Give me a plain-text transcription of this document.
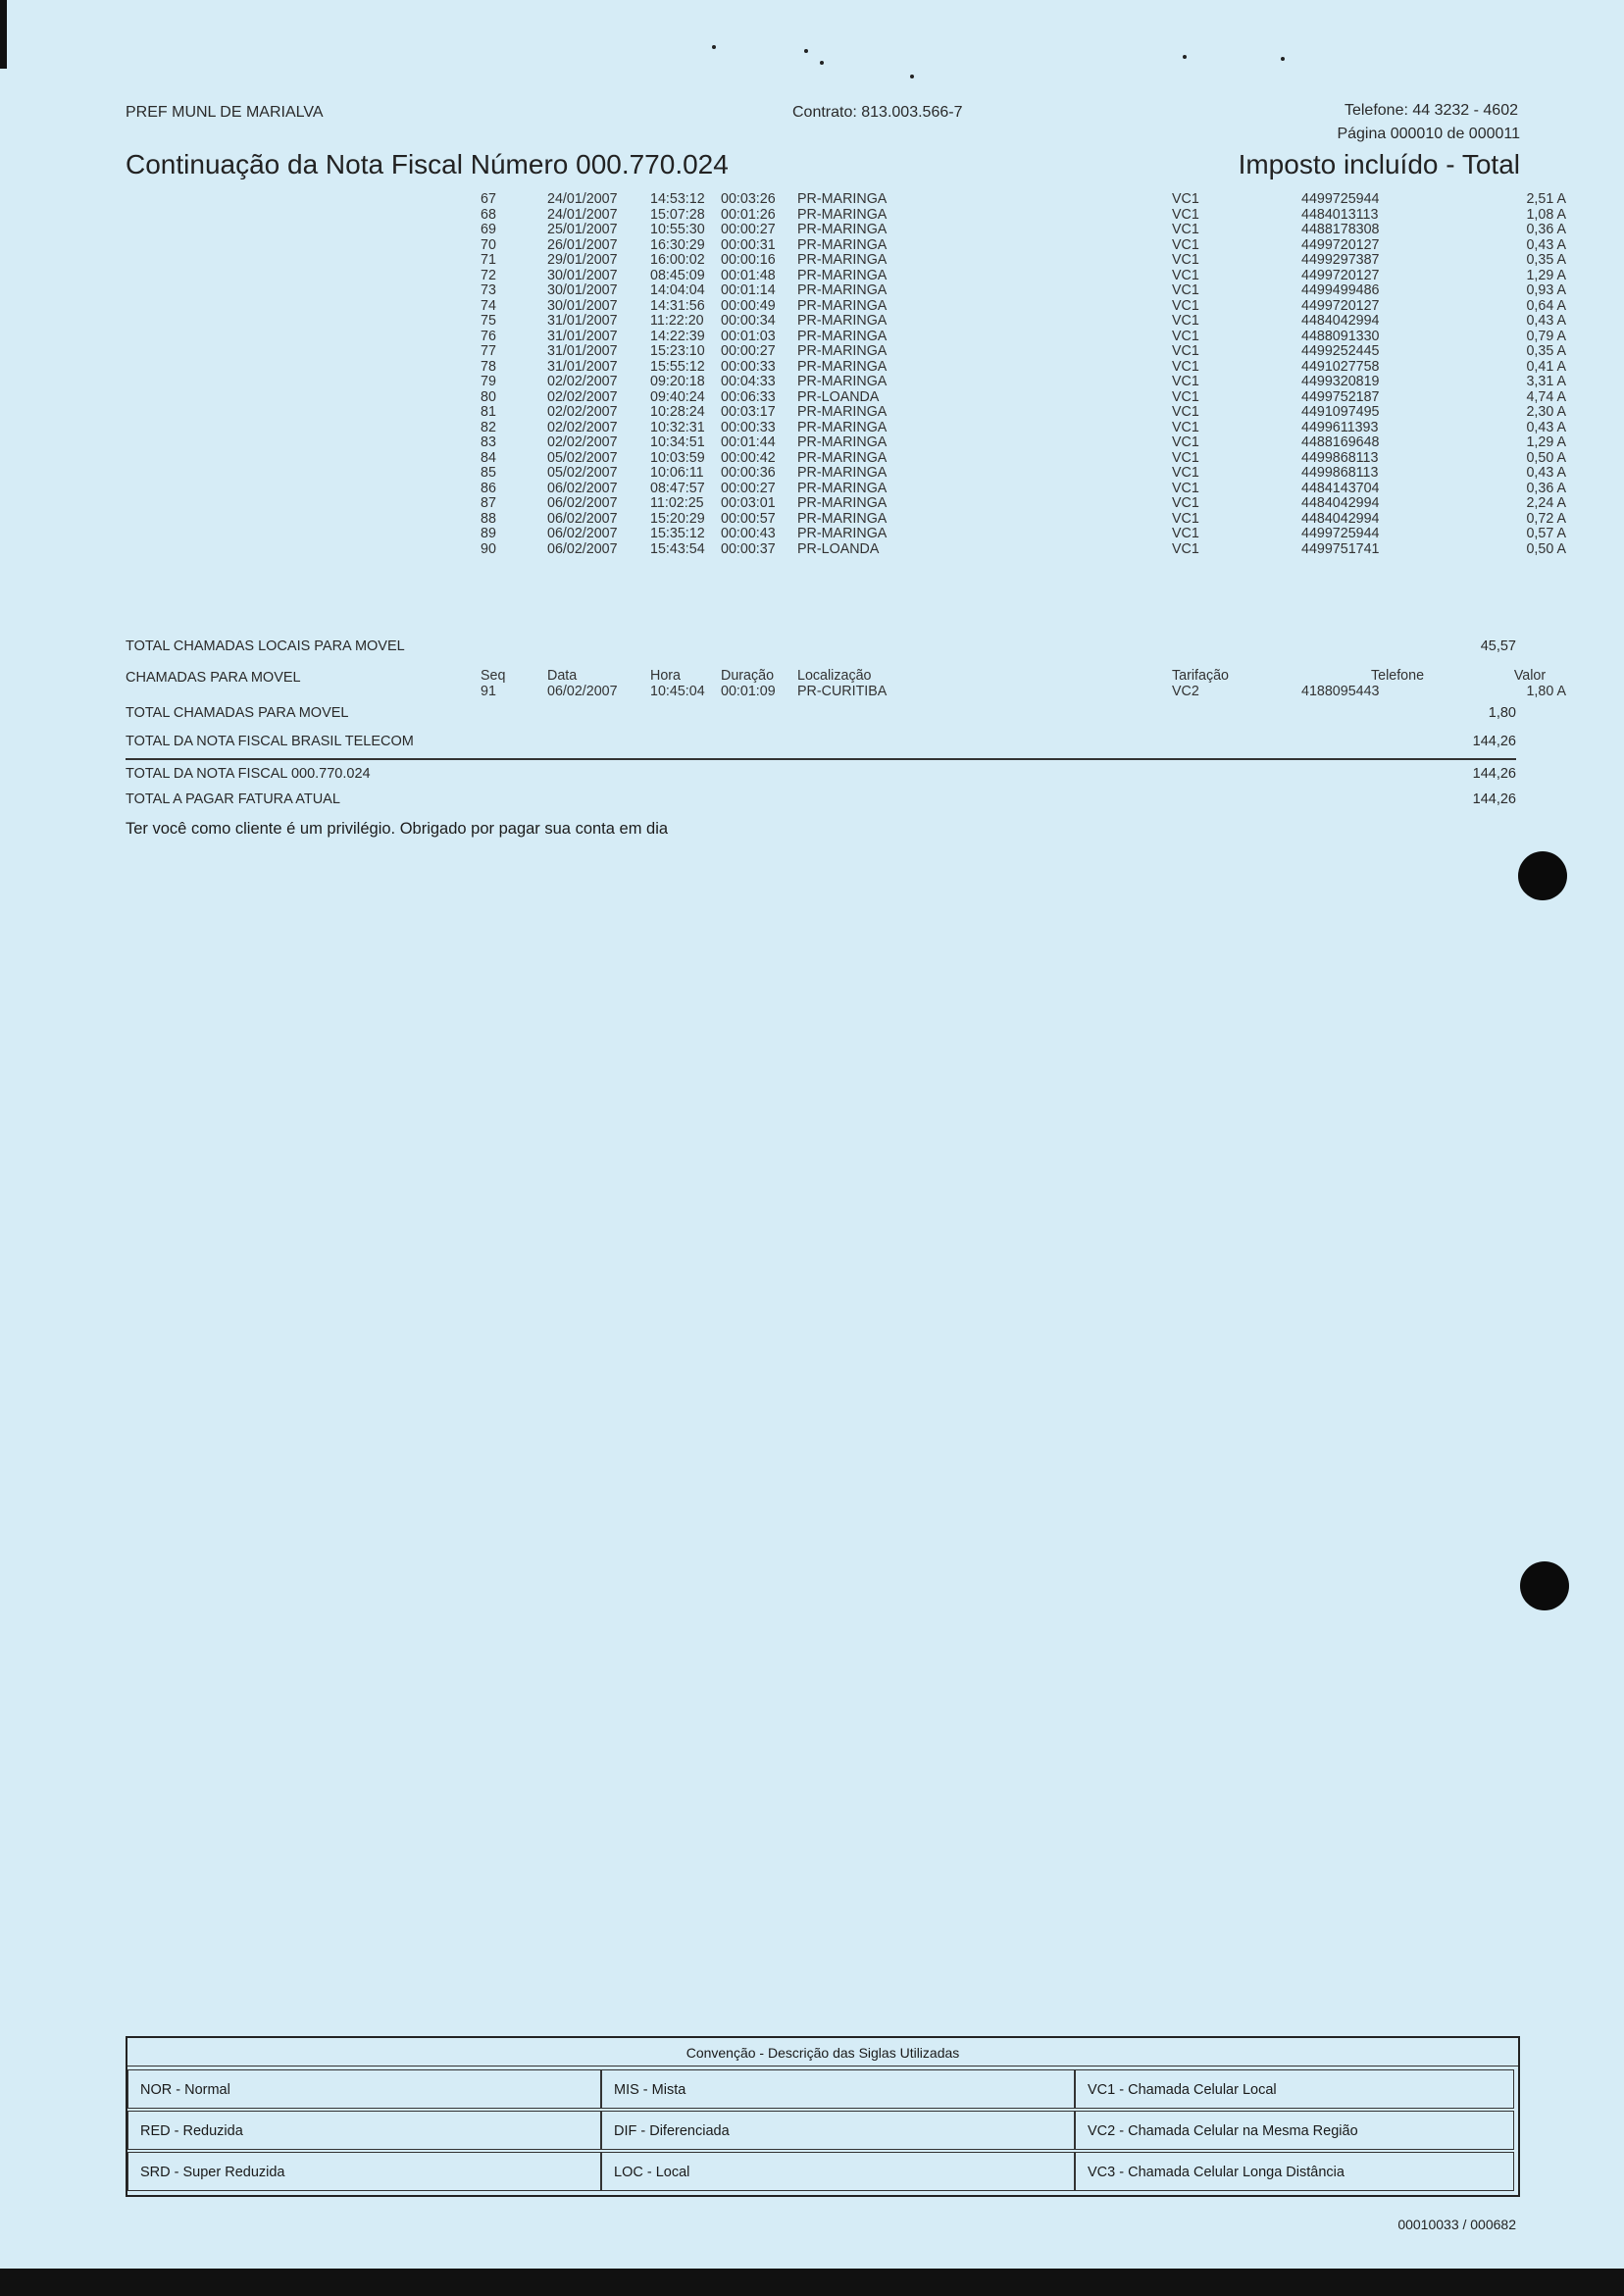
PREF MUNL DE MARIALVA	Contrato: 813.003.566-7	Telefone: 44 3232 - 4602
Página 000010 de 000011
Continuação da Nota Fiscal Número 000.770.024	Imposto incluído - Total
67	24/01/2007	14:53:12	00:03:26	PR-MARINGA	VC1	4499725944	2,51 A
68	24/01/2007	15:07:28	00:01:26	PR-MARINGA	VC1	4484013113	1,08 A
69	25/01/2007	10:55:30	00:00:27	PR-MARINGA	VC1	4488178308	0,36 A
70	26/01/2007	16:30:29	00:00:31	PR-MARINGA	VC1	4499720127	0,43 A
71	29/01/2007	16:00:02	00:00:16	PR-MARINGA	VC1	4499297387	0,35 A
72	30/01/2007	08:45:09	00:01:48	PR-MARINGA	VC1	4499720127	1,29 A
73	30/01/2007	14:04:04	00:01:14	PR-MARINGA	VC1	4499499486	0,93 A
74	30/01/2007	14:31:56	00:00:49	PR-MARINGA	VC1	4499720127	0,64 A
75	31/01/2007	11:22:20	00:00:34	PR-MARINGA	VC1	4484042994	0,43 A
76	31/01/2007	14:22:39	00:01:03	PR-MARINGA	VC1	4488091330	0,79 A
77	31/01/2007	15:23:10	00:00:27	PR-MARINGA	VC1	4499252445	0,35 A
78	31/01/2007	15:55:12	00:00:33	PR-MARINGA	VC1	4491027758	0,41 A
79	02/02/2007	09:20:18	00:04:33	PR-MARINGA	VC1	4499320819	3,31 A
80	02/02/2007	09:40:24	00:06:33	PR-LOANDA	VC1	4499752187	4,74 A
81	02/02/2007	10:28:24	00:03:17	PR-MARINGA	VC1	4491097495	2,30 A
82	02/02/2007	10:32:31	00:00:33	PR-MARINGA	VC1	4499611393	0,43 A
83	02/02/2007	10:34:51	00:01:44	PR-MARINGA	VC1	4488169648	1,29 A
84	05/02/2007	10:03:59	00:00:42	PR-MARINGA	VC1	4499868113	0,50 A
85	05/02/2007	10:06:11	00:00:36	PR-MARINGA	VC1	4499868113	0,43 A
86	06/02/2007	08:47:57	00:00:27	PR-MARINGA	VC1	4484143704	0,36 A
87	06/02/2007	11:02:25	00:03:01	PR-MARINGA	VC1	4484042994	2,24 A
88	06/02/2007	15:20:29	00:00:57	PR-MARINGA	VC1	4484042994	0,72 A
89	06/02/2007	15:35:12	00:00:43	PR-MARINGA	VC1	4499725944	0,57 A
90	06/02/2007	15:43:54	00:00:37	PR-LOANDA	VC1	4499751741	0,50 A
TOTAL CHAMADAS LOCAIS PARA MOVEL	45,57
CHAMADAS PARA MOVEL	Seq	Data	Hora	Duração	Localização	Tarifação	Telefone	Valor
91	06/02/2007	10:45:04	00:01:09	PR-CURITIBA	VC2	4188095443	1,80 A
TOTAL CHAMADAS PARA MOVEL	1,80
TOTAL DA NOTA FISCAL BRASIL TELECOM	144,26
TOTAL DA NOTA FISCAL 000.770.024	144,26
TOTAL A PAGAR FATURA ATUAL	144,26
Ter você como cliente é um privilégio. Obrigado por pagar sua conta em dia
Convenção - Descrição das Siglas Utilizadas
NOR - Normal	MIS - Mista	VC1 - Chamada Celular Local
RED - Reduzida	DIF - Diferenciada	VC2 - Chamada Celular na Mesma Região
SRD - Super Reduzida	LOC - Local	VC3 - Chamada Celular Longa Distância
00010033 / 000682
